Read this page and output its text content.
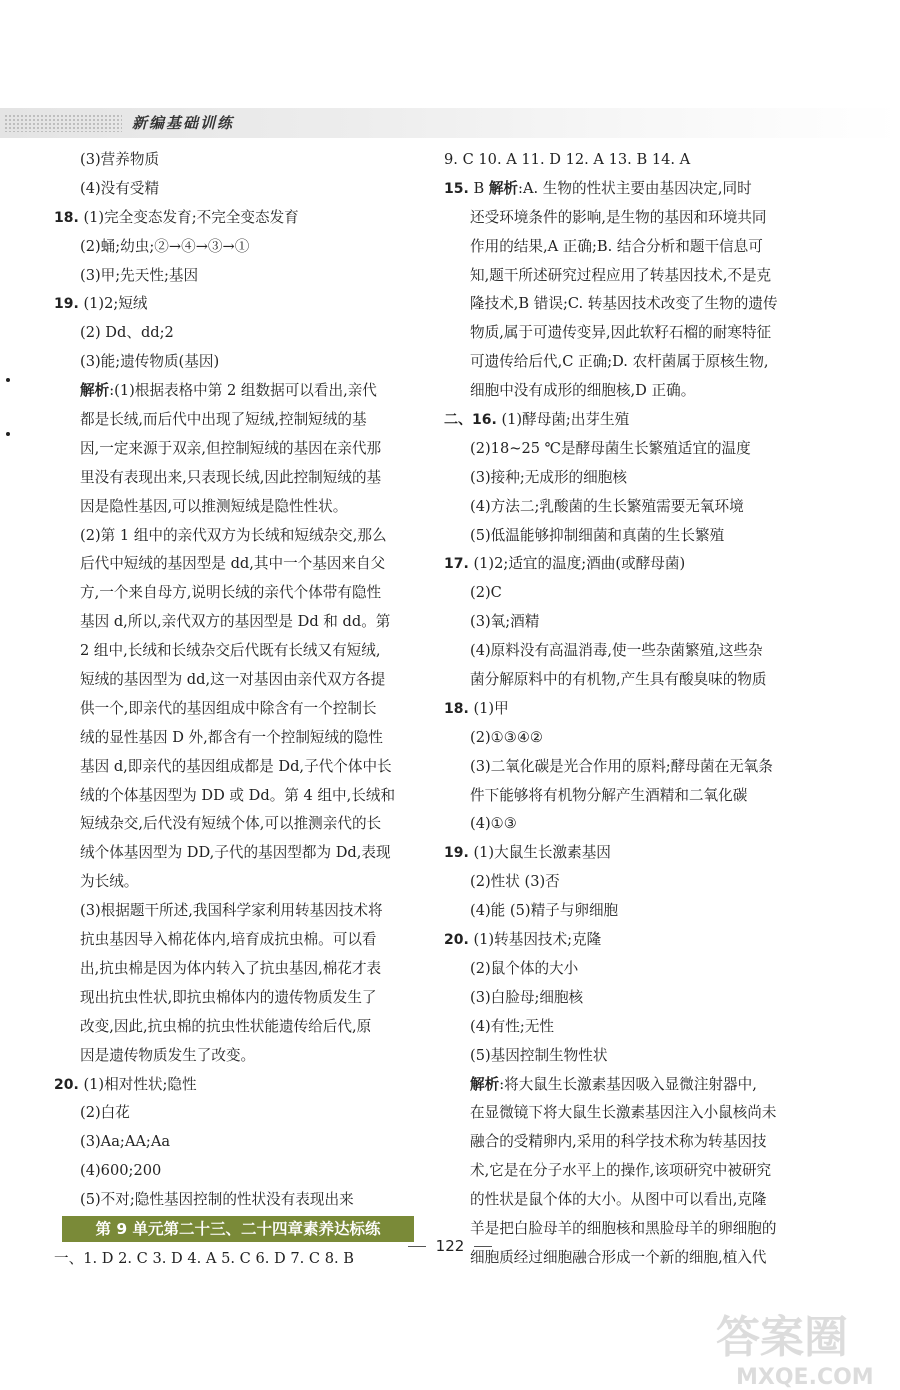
新编基础训练
(3)营养物质
(4)没有受精
18. (1)完全变态发育;不完全变态发育
(2)蛹;幼虫;②→④→③→①
(3)甲;先天性;基因
19. (1)2;短绒
(2) Dd、dd;2
(3)能;遗传物质(基因)
解析:(1)根据表格中第 2 组数据可以看出,亲代
都是长绒,而后代中出现了短绒,控制短绒的基
因,一定来源于双亲,但控制短绒的基因在亲代那
里没有表现出来,只表现长绒,因此控制短绒的基
因是隐性基因,可以推测短绒是隐性性状。
(2)第 1 组中的亲代双方为长绒和短绒杂交,那么
后代中短绒的基因型是 dd,其中一个基因来自父
方,一个来自母方,说明长绒的亲代个体带有隐性
基因 d,所以,亲代双方的基因型是 Dd 和 dd。第
2 组中,长绒和长绒杂交后代既有长绒又有短绒,
短绒的基因型为 dd,这一对基因由亲代双方各提
供一个,即亲代的基因组成中除含有一个控制长
绒的显性基因 D 外,都含有一个控制短绒的隐性
基因 d,即亲代的基因组成都是 Dd,子代个体中长
绒的个体基因型为 DD 或 Dd。第 4 组中,长绒和
短绒杂交,后代没有短绒个体,可以推测亲代的长
绒个体基因型为 DD,子代的基因型都为 Dd,表现
为长绒。
(3)根据题干所述,我国科学家利用转基因技术将
抗虫基因导入棉花体内,培育成抗虫棉。可以看
出,抗虫棉是因为体内转入了抗虫基因,棉花才表
现出抗虫性状,即抗虫棉体内的遗传物质发生了
改变,因此,抗虫棉的抗虫性状能遗传给后代,原
因是遗传物质发生了改变。
20. (1)相对性状;隐性
(2)白花
(3)Aa;AA;Aa
(4)600;200
(5)不对;隐性基因控制的性状没有表现出来
第 9 单元第二十三、二十四章素养达标练
一、1. D 2. C 3. D 4. A 5. C 6. D 7. C 8. B
9. C 10. A 11. D 12. A 13. B 14. A
15. B 解析:A. 生物的性状主要由基因决定,同时
还受环境条件的影响,是生物的基因和环境共同
作用的结果,A 正确;B. 结合分析和题干信息可
知,题干所述研究过程应用了转基因技术,不是克
隆技术,B 错误;C. 转基因技术改变了生物的遗传
物质,属于可遗传变异,因此软籽石榴的耐寒特征
可遗传给后代,C 正确;D. 农杆菌属于原核生物,
细胞中没有成形的细胞核,D 正确。
二、16. (1)酵母菌;出芽生殖
(2)18~25 ℃是酵母菌生长繁殖适宜的温度
(3)接种;无成形的细胞核
(4)方法二;乳酸菌的生长繁殖需要无氧环境
(5)低温能够抑制细菌和真菌的生长繁殖
17. (1)2;适宜的温度;酒曲(或酵母菌)
(2)C
(3)氧;酒精
(4)原料没有高温消毒,使一些杂菌繁殖,这些杂
菌分解原料中的有机物,产生具有酸臭味的物质
18. (1)甲
(2)①③④②
(3)二氧化碳是光合作用的原料;酵母菌在无氧条
件下能够将有机物分解产生酒精和二氧化碳
(4)①③
19. (1)大鼠生长激素基因
(2)性状 (3)否
(4)能 (5)精子与卵细胞
20. (1)转基因技术;克隆
(2)鼠个体的大小
(3)白脸母;细胞核
(4)有性;无性
(5)基因控制生物性状
解析:将大鼠生长激素基因吸入显微注射器中,
在显微镜下将大鼠生长激素基因注入小鼠核尚未
融合的受精卵内,采用的科学技术称为转基因技
术,它是在分子水平上的操作,该项研究中被研究
的性状是鼠个体的大小。从图中可以看出,克隆
羊是把白脸母羊的细胞核和黑脸母羊的卵细胞的
细胞质经过细胞融合形成一个新的细胞,植入代
122
答案圈
MXQE.COM
